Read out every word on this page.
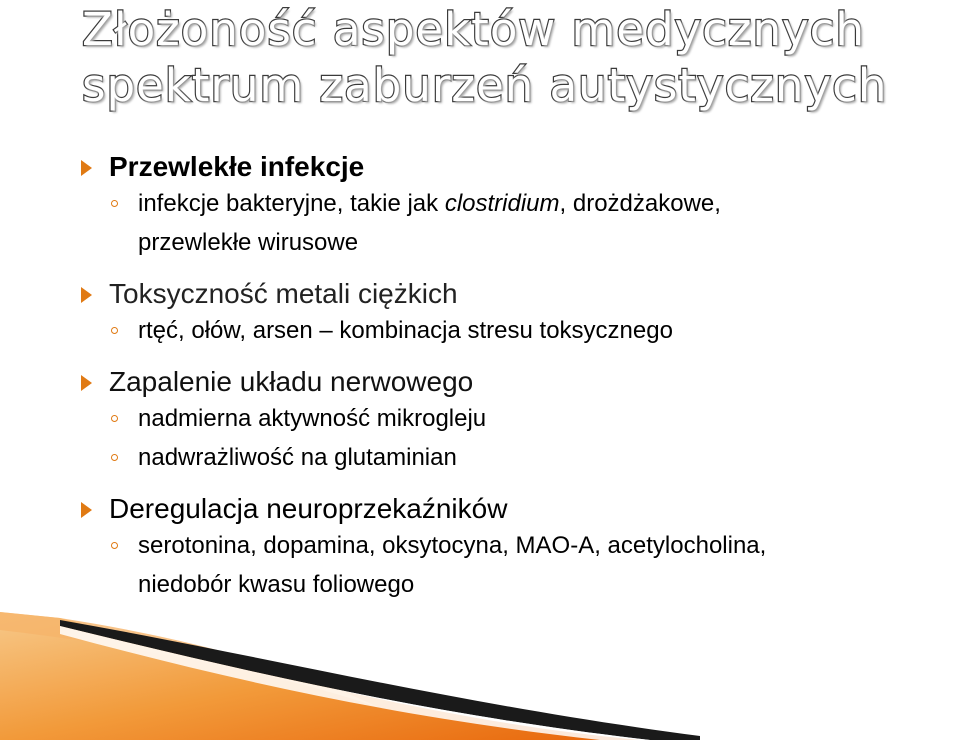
Złożoność aspektów medycznych
spektrum zaburzeń autystycznych
Przewlekłe infekcje
infekcje bakteryjne, takie jak clostridium, drożdżakowe,
przewlekłe wirusowe
Toksyczność metali ciężkich
rtęć, ołów, arsen – kombinacja stresu toksycznego
Zapalenie układu nerwowego
nadmierna aktywność mikrogleju
nadwrażliwość na glutaminian
Deregulacja neuroprzekaźników
serotonina, dopamina, oksytocyna, MAO-A, acetylocholina,
niedobór kwasu foliowego
